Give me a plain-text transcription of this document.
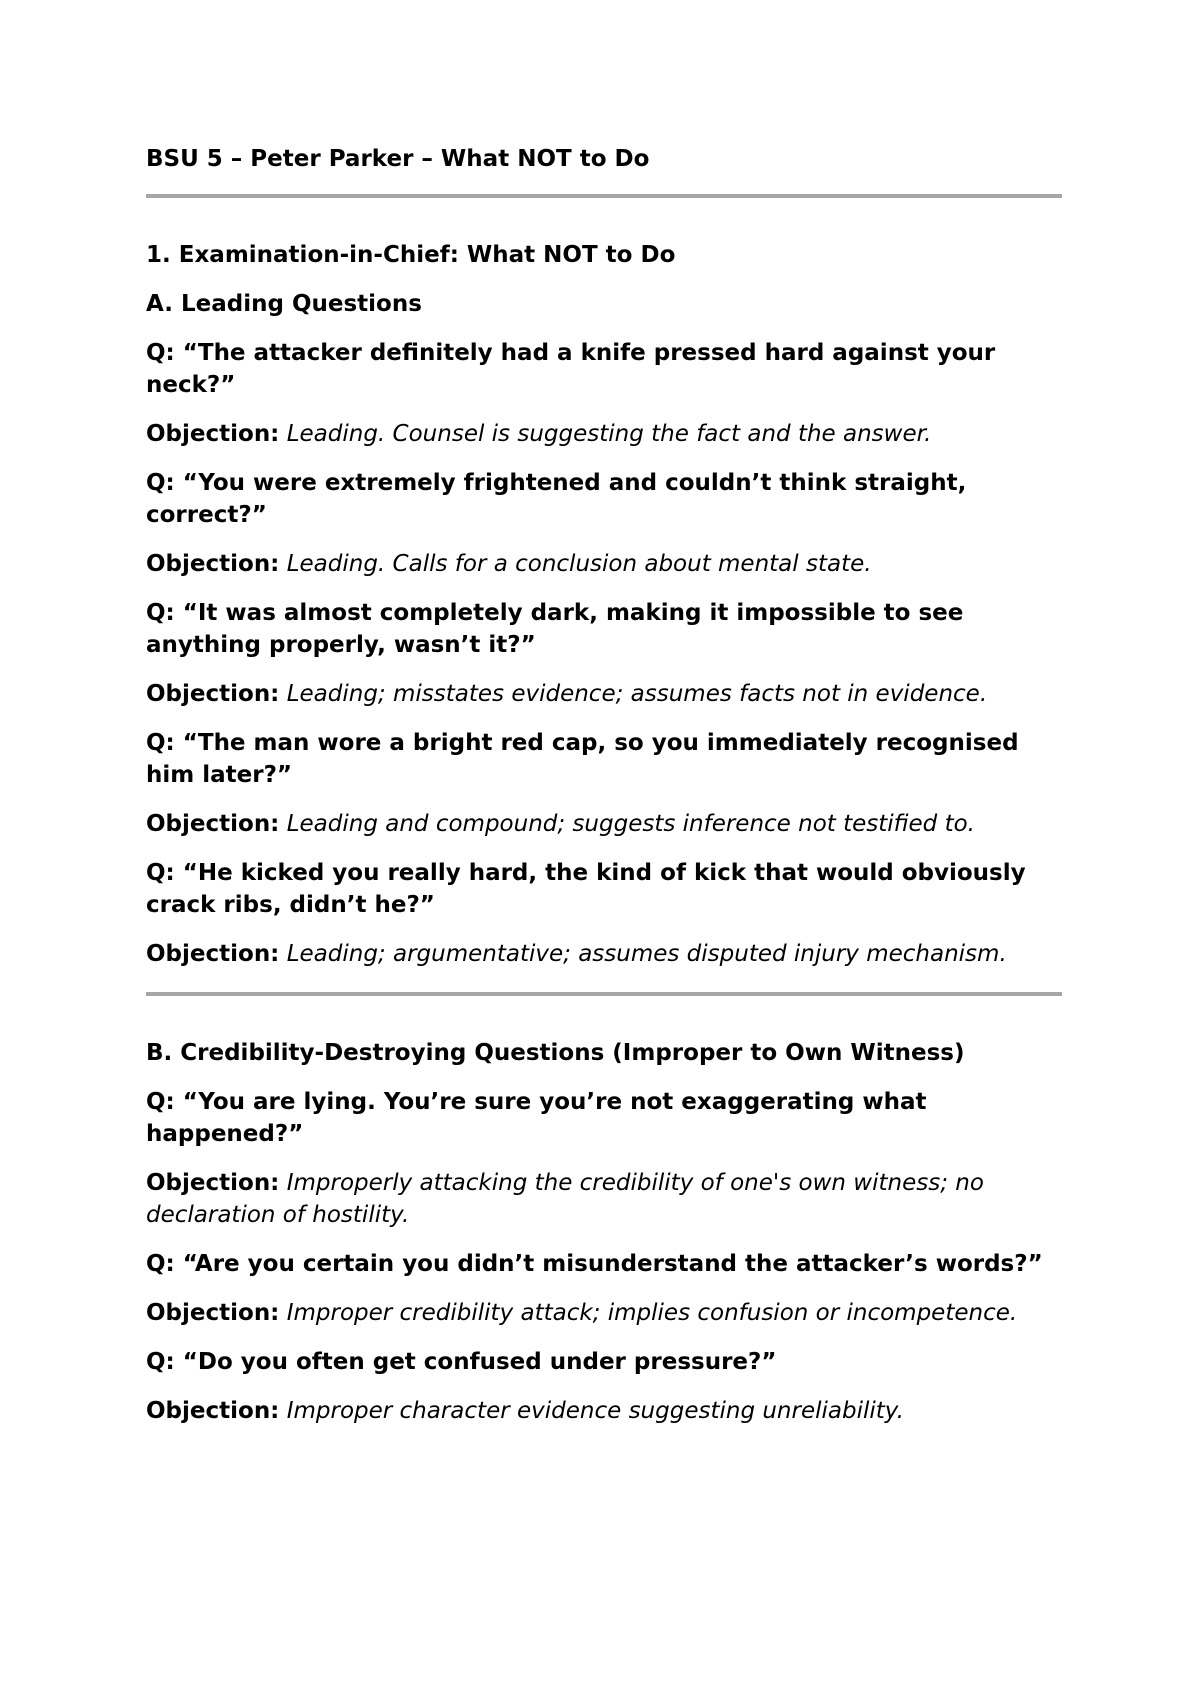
BSU 5 – Peter Parker – What NOT to Do
1. Examination-in-Chief: What NOT to Do
A. Leading Questions
Q: “The attacker definitely had a knife pressed hard against your neck?”
Objection: Leading. Counsel is suggesting the fact and the answer.
Q: “You were extremely frightened and couldn’t think straight, correct?”
Objection: Leading. Calls for a conclusion about mental state.
Q: “It was almost completely dark, making it impossible to see anything properly, wasn’t it?”
Objection: Leading; misstates evidence; assumes facts not in evidence.
Q: “The man wore a bright red cap, so you immediately recognised him later?”
Objection: Leading and compound; suggests inference not testified to.
Q: “He kicked you really hard, the kind of kick that would obviously crack ribs, didn’t he?”
Objection: Leading; argumentative; assumes disputed injury mechanism.
B. Credibility-Destroying Questions (Improper to Own Witness)
Q: “You are lying. You’re sure you’re not exaggerating what happened?”
Objection: Improperly attacking the credibility of one's own witness; no declaration of hostility.
Q: “Are you certain you didn’t misunderstand the attacker’s words?”
Objection: Improper credibility attack; implies confusion or incompetence.
Q: “Do you often get confused under pressure?”
Objection: Improper character evidence suggesting unreliability.
